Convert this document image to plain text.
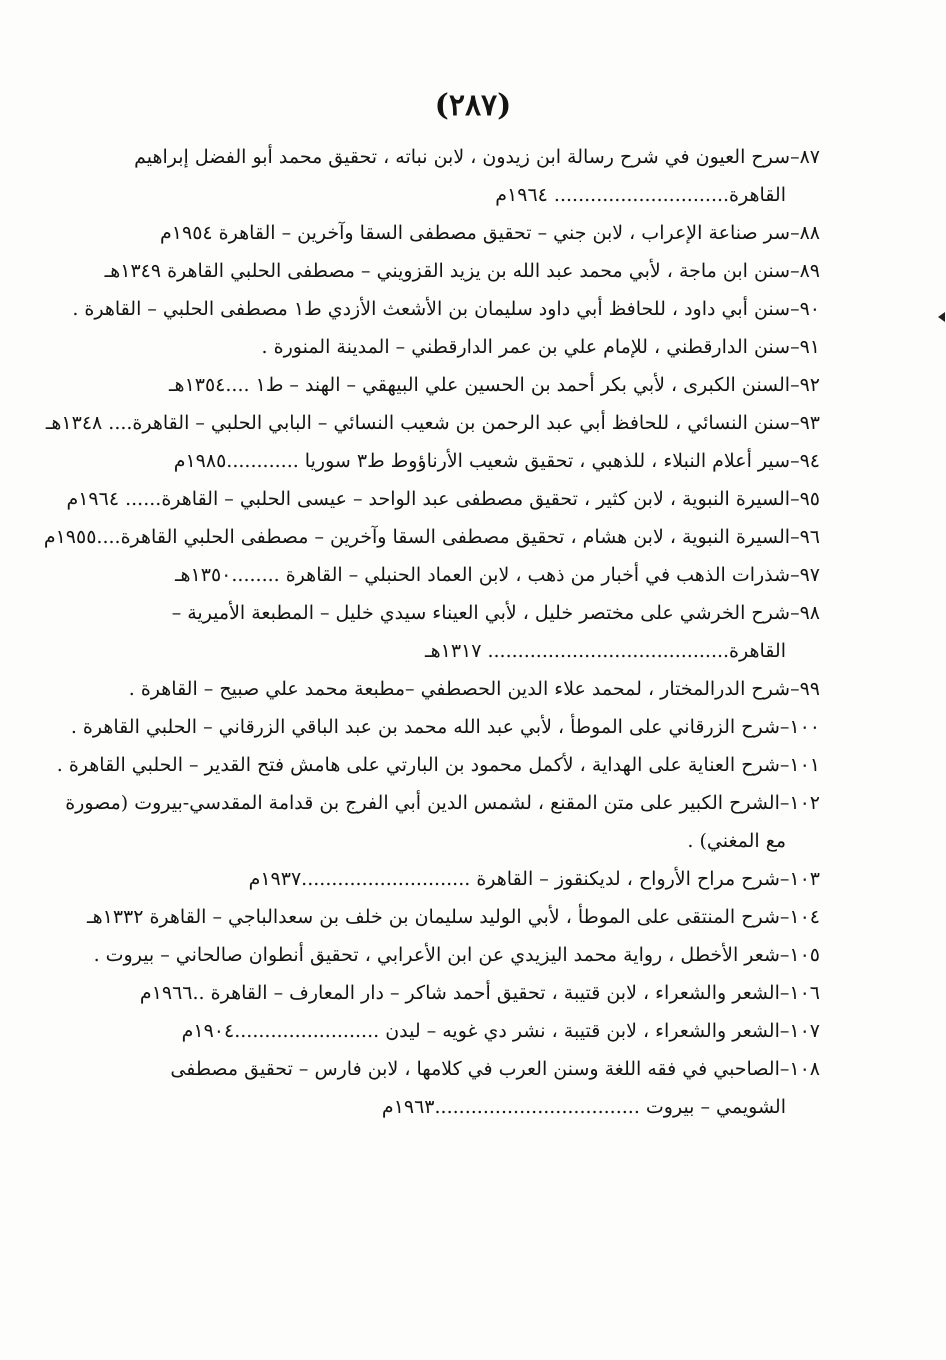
(٢٨٧)
٨٧–سرح العيون في شرح رسالة ابن زيدون ، لابن نباته ، تحقيق محمد أبو الفضل إبراهيم
القاهرة............................. ١٩٦٤م
٨٨–سر صناعة الإعراب ، لابن جني – تحقيق مصطفى السقا وآخرين – القاهرة ١٩٥٤م
٨٩–سنن ابن ماجة ، لأبي محمد عبد الله بن يزيد القزويني – مصطفى الحلبي القاهرة ١٣٤٩هـ
٩٠–سنن أبي داود ، للحافظ أبي داود سليمان بن الأشعث الأزدي ط١ مصطفى الحلبي – القاهرة .
٩١–سنن الدارقطني ، للإمام علي بن عمر الدارقطني – المدينة المنورة .
٩٢–السنن الكبرى ، لأبي بكر أحمد بن الحسين علي البيهقي – الهند – ط١ ....١٣٥٤هـ
٩٣–سنن النسائي ، للحافظ أبي عبد الرحمن بن شعيب النسائي – البابي الحلبي – القاهرة.... ١٣٤٨هـ
٩٤–سير أعلام النبلاء ، للذهبي ، تحقيق شعيب الأرناؤوط ط٣ سوريا ............١٩٨٥م
٩٥–السيرة النبوية ، لابن كثير ، تحقيق مصطفى عبد الواحد – عيسى الحلبي – القاهرة...... ١٩٦٤م
٩٦–السيرة النبوية ، لابن هشام ، تحقيق مصطفى السقا وآخرين – مصطفى الحلبي القاهرة....١٩٥٥م
٩٧–شذرات الذهب في أخبار من ذهب ، لابن العماد الحنبلي – القاهرة ........١٣٥٠هـ
٩٨–شرح الخرشي على مختصر خليل ، لأبي العيناء سيدي خليل – المطبعة الأميرية –
القاهرة........................................ ١٣١٧هـ
٩٩–شرح الدرالمختار ، لمحمد علاء الدين الحصطفي –مطبعة محمد علي صبيح – القاهرة .
١٠٠–شرح الزرقاني على الموطأ ، لأبي عبد الله محمد بن عبد الباقي الزرقاني – الحلبي القاهرة .
١٠١–شرح العناية على الهداية ، لأكمل محمود بن البارتي على هامش فتح القدير – الحلبي القاهرة .
١٠٢–الشرح الكبير على متن المقنع ، لشمس الدين أبي الفرج بن قدامة المقدسي-بيروت (مصورة
مع المغني) .
١٠٣–شرح مراح الأرواح ، لديكنقوز – القاهرة ............................١٩٣٧م
١٠٤–شرح المنتقى على الموطأ ، لأبي الوليد سليمان بن خلف بن سعدالباجي – القاهرة ١٣٣٢هـ
١٠٥–شعر الأخطل ، رواية محمد اليزيدي عن ابن الأعرابي ، تحقيق أنطوان صالحاني – بيروت .
١٠٦–الشعر والشعراء ، لابن قتيبة ، تحقيق أحمد شاكر – دار المعارف – القاهرة ..١٩٦٦م
١٠٧–الشعر والشعراء ، لابن قتيبة ، نشر دي غويه – ليدن ........................١٩٠٤م
١٠٨–الصاحبي في فقه اللغة وسنن العرب في كلامها ، لابن فارس – تحقيق مصطفى
الشويمي – بيروت ..................................١٩٦٣م
